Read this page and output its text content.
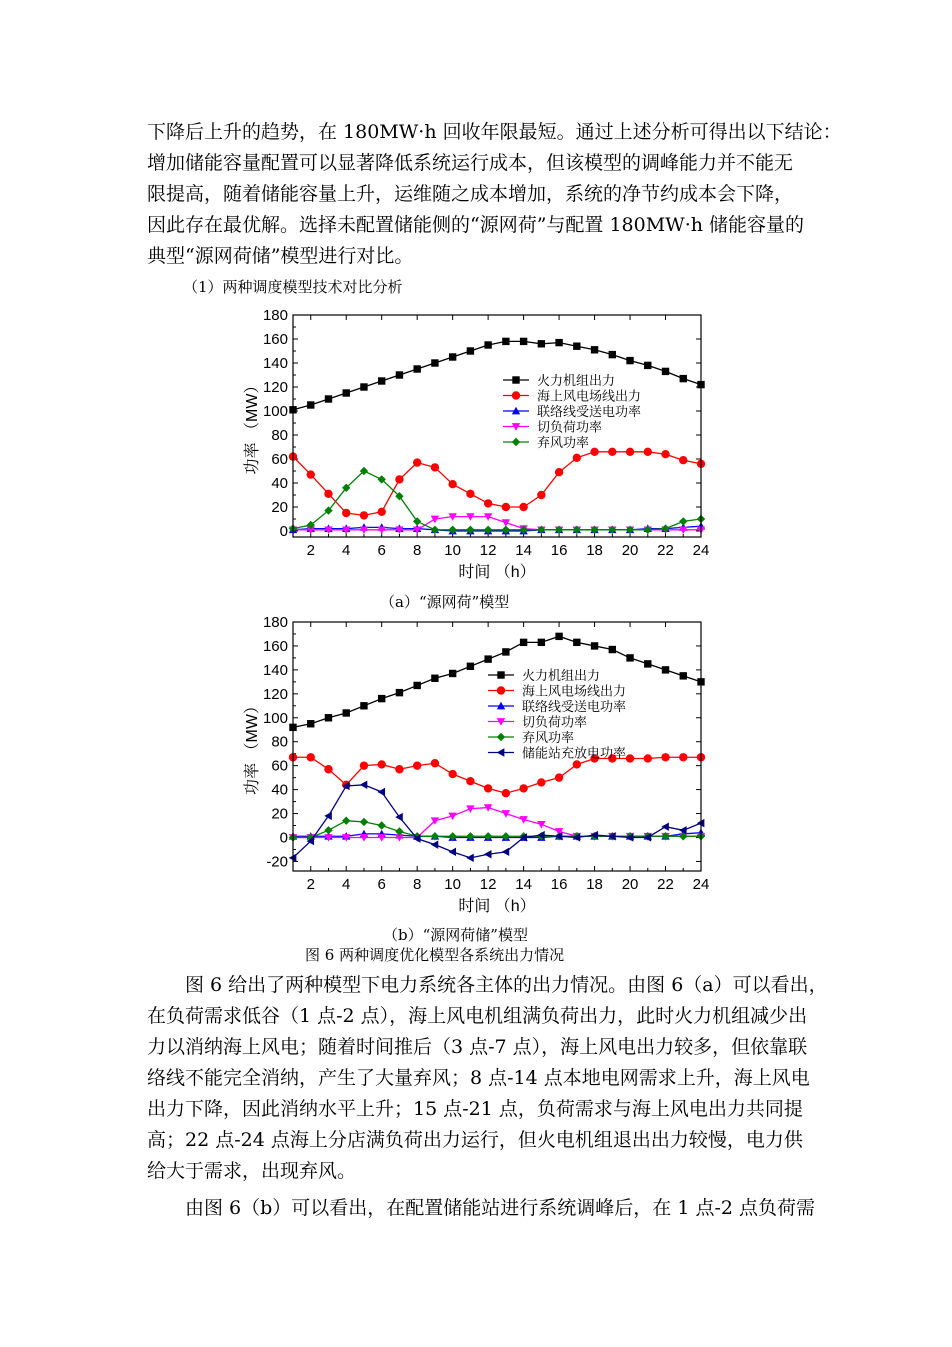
下降后上升的趋势，在 180MW·h 回收年限最短。通过上述分析可得出以下结论：
增加储能容量配置可以显著降低系统运行成本，但该模型的调峰能力并不能无
限提高，随着储能容量上升，运维随之成本增加，系统的净节约成本会下降，
因此存在最优解。选择未配置储能侧的“源网荷”与配置 180MW·h 储能容量的
典型“源网荷储”模型进行对比。

（1）两种调度模型技术对比分析
0
20
40
60
80
100
120
140
160
180
2 4 6 8 10 12 14 16 18 20 22 24
时间 （h）
功率 （MW）	火力机组出力
海上风电场线出力
联络线受送电功率
切负荷功率
弃风功率
（a）“源网荷”模型
-20
0
20
40
60
80
100
120
140
160
180
2 4 6 8 10 12 14 16 18 20 22 24
时间 （h）
功率 （MW）
火力机组出力
海上风电场线出力
联络线受送电功率
切负荷功率
弃风功率
储能站充放电功率
（b）“源网荷储”模型
图 6 两种调度优化模型各系统出力情况

图 6 给出了两种模型下电力系统各主体的出力情况。由图 6（a）可以看出，
在负荷需求低谷（1 点-2 点），海上风电机组满负荷出力，此时火力机组减少出
力以消纳海上风电；随着时间推后（3 点-7 点），海上风电出力较多，但依靠联
络线不能完全消纳，产生了大量弃风；8 点-14 点本地电网需求上升，海上风电
出力下降，因此消纳水平上升；15 点-21 点，负荷需求与海上风电出力共同提
高；22 点-24 点海上分店满负荷出力运行，但火电机组退出出力较慢，电力供
给大于需求，出现弃风。

由图 6（b）可以看出，在配置储能站进行系统调峰后，在 1 点-2 点负荷需
